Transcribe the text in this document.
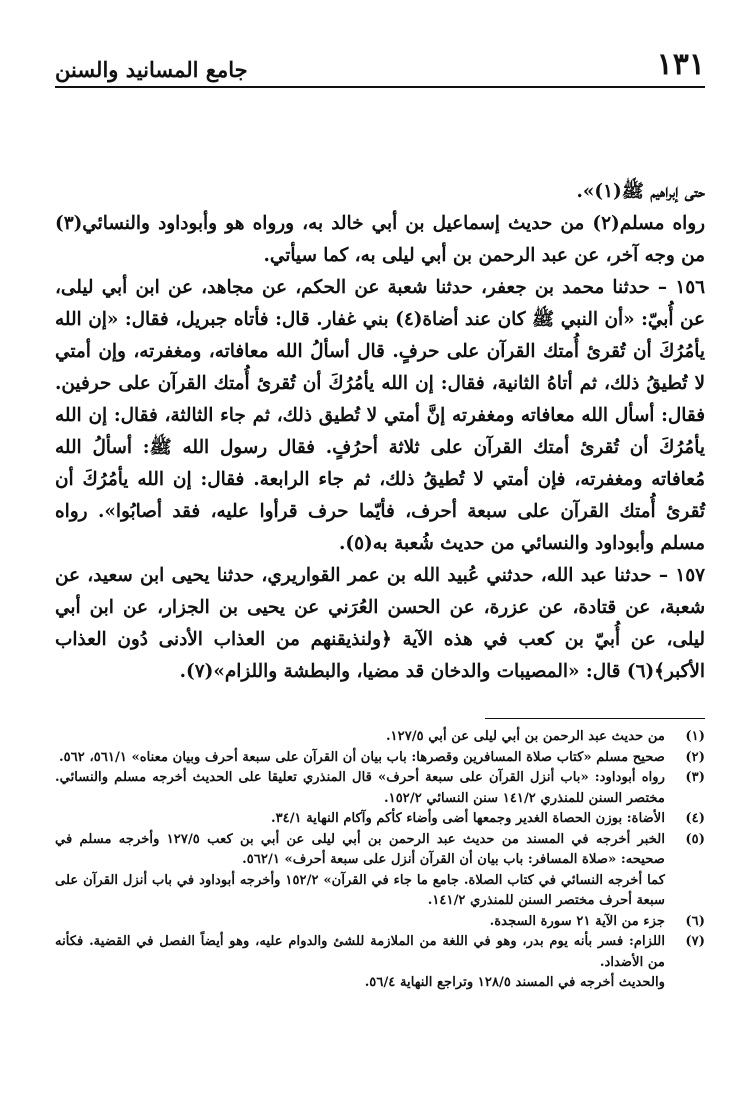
١٣١
جامع المسانيد والسنن

حتى إبراهيم ﷺ(١)».

رواه مسلم(٢) من حديث إسماعيل بن أبي خالد به، ورواه هو وأبوداود والنسائي(٣) من وجه آخر، عن عبد الرحمن بن أبي ليلى به، كما سيأتي.

١٥٦ – حدثنا محمد بن جعفر، حدثنا شعبة عن الحكم، عن مجاهد، عن ابن أبي ليلى، عن أُبيّ: «أن النبي ﷺ كان عند أضاة(٤) بني غفار. قال: فأتاه جبريل، فقال: «إن الله يأمُرُكَ أن تُقرئ أُمتك القرآن على حرفٍ. قال أسألُ الله معافاته، ومغفرته، وإن أمتي لا تُطيقُ ذلك، ثم أتاهُ الثانية، فقال: إن الله يأمُرُكَ أن تُقرئ أُمتك القرآن على حرفين. فقال: أسأل الله معافاته ومغفرته إنَّ أمتي لا تُطيق ذلك، ثم جاء الثالثة، فقال: إن الله يأمُرُكَ أن تُقرئ أمتك القرآن على ثلاثة أحرُفٍ. فقال رسول الله ﷺ: أسألُ الله مُعافاته ومغفرته، فإن أمتي لا تُطيقُ ذلك، ثم جاء الرابعة. فقال: إن الله يأمُرُكَ أن تُقرئ أُمتك القرآن على سبعة أحرف، فأيّما حرف قرأوا عليه، فقد أصابُوا». رواه مسلم وأبوداود والنسائي من حديث شُعبة به(٥).

١٥٧ – حدثنا عبد الله، حدثني عُبيد الله بن عمر القواريري، حدثنا يحيى ابن سعيد، عن شعبة، عن قتادة، عن عزرة، عن الحسن العُرَني عن يحيى بن الجزار، عن ابن أبي ليلى، عن أُبيّ بن كعب في هذه الآية ﴿ولنذيقنهم من العذاب الأدنى دُون العذاب الأكبر﴾(٦) قال: «المصيبات والدخان قد مضيا، والبطشة واللزام»(٧).

(١)
من حديث عبد الرحمن بن أبي ليلى عن أبي ١٢٧/٥.
(٢)
صحيح مسلم «كتاب صلاة المسافرين وقصرها: باب بيان أن القرآن على سبعة أحرف وبيان معناه» ٥٦١/١، ٥٦٢.
(٣)
رواه أبوداود: «باب أنزل القرآن على سبعة أحرف» قال المنذري تعليقا على الحديث أخرجه مسلم والنسائي. مختصر السنن للمنذري ١٤١/٢ سنن النسائي ١٥٢/٢.
(٤)
الأضاة: بوزن الحصاة الغدير وجمعها أضى وأضاء كأكم وآكام النهاية ٣٤/١.
(٥)
الخبر أخرجه في المسند من حديث عبد الرحمن بن أبي ليلى عن أبي بن كعب ١٢٧/٥ وأخرجه مسلم في صحيحه: «صلاة المسافر: باب بيان أن القرآن أنزل على سبعة أحرف» ٥٦٢/١.
كما أخرجه النسائي في كتاب الصلاة. جامع ما جاء في القرآن» ١٥٢/٢ وأخرجه أبوداود في باب أنزل القرآن على سبعة أحرف مختصر السنن للمنذري ١٤١/٢.
(٦)
جزء من الآية ٢١ سورة السجدة.
(٧)
اللزام: فسر بأنه يوم بدر، وهو في اللغة من الملازمة للشئ والدوام عليه، وهو أيضاً الفصل في القضية. فكأنه من الأضداد.
والحديث أخرجه في المسند ١٢٨/٥ وتراجع النهاية ٥٦/٤.
